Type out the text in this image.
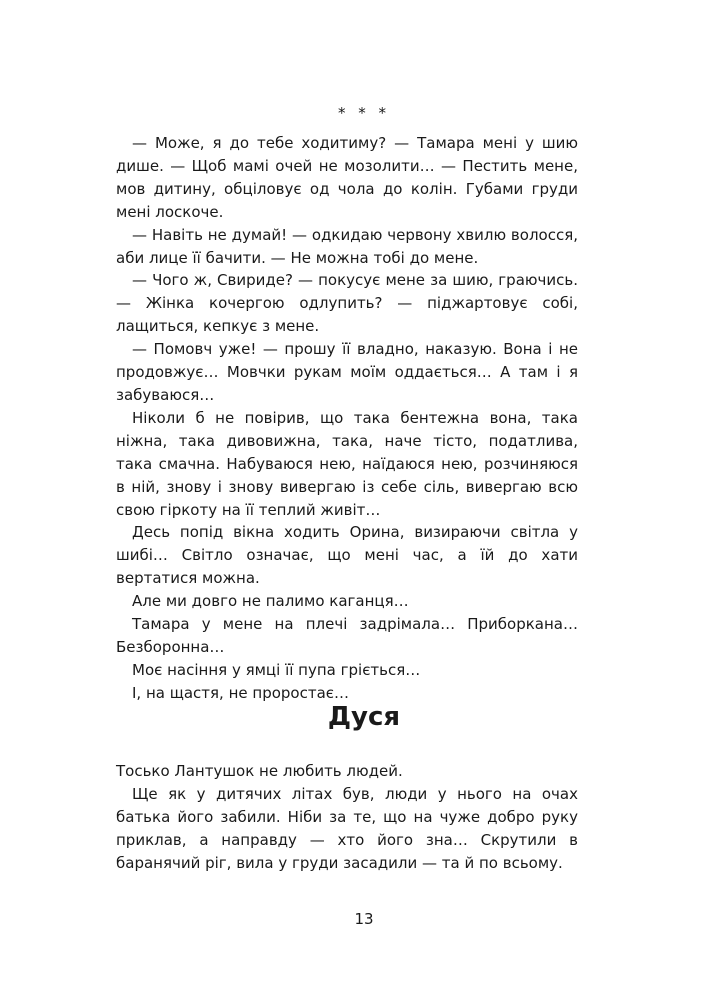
* * *

— Може, я до тебе ходитиму? — Тамара мені у шию дише. — Щоб мамі очей не мозолити… — Пестить мене, мов дитину, обціловує од чола до колін. Губами груди мені лоскоче.

— Навіть не думай! — одкидаю червону хвилю волосся, аби лице її бачити. — Не можна тобі до мене.

— Чого ж, Свириде? — покусує мене за шию, граючись. — Жінка кочергою одлупить? — піджартовує собі, лащиться, кепкує з мене.

— Помовч уже! — прошу її владно, наказую. Вона і не продовжує… Мовчки рукам моїм оддається… А там і я забуваюся…

Ніколи б не повірив, що така бентежна вона, така ніжна, така дивовижна, така, наче тісто, податлива, така смачна. Набуваюся нею, наїдаюся нею, розчиняюся в ній, знову і знову вивергаю із себе сіль, вивергаю всю свою гіркоту на її теплий живіт…

Десь попід вікна ходить Орина, визираючи світла у шибі… Світло означає, що мені час, а їй до хати вертатися можна.

Але ми довго не палимо каганця…

Тамара у мене на плечі задрімала… Приборкана… Безборонна…

Моє насіння у ямці її пупа гріється…

І, на щастя, не проростає…

Дуся

Тосько Лантушок не любить людей.

Ще як у дитячих літах був, люди у нього на очах батька його забили. Ніби за те, що на чуже добро руку приклав, а направду — хто його зна… Скрутили в баранячий ріг, вила у груди засадили — та й по всьому.

13
